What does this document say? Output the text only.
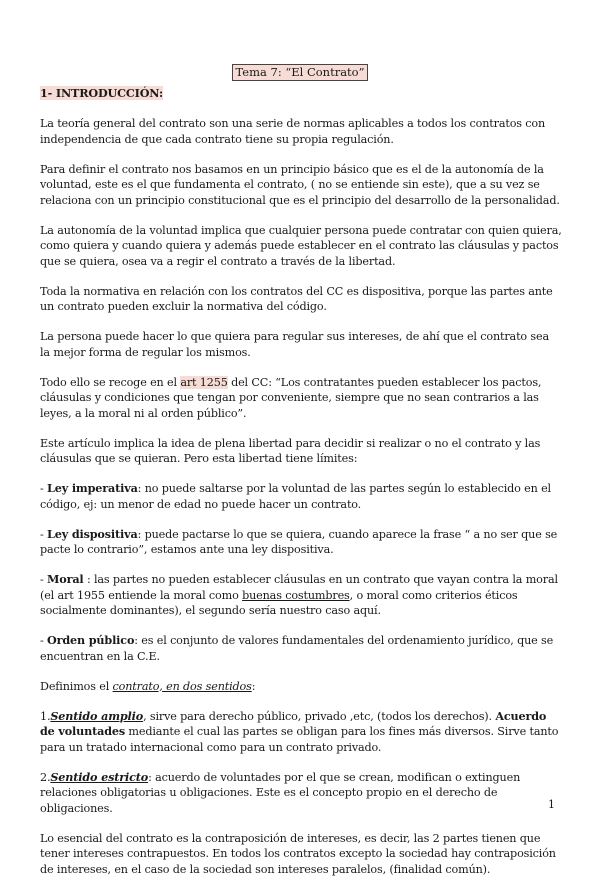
Tema 7: “El Contrato”

1- INTRODUCCIÓN:

La teoría general del contrato son una serie de normas aplicables a todos los contratos con independencia de que cada contrato tiene su propia regulación.

Para definir el contrato nos basamos en un principio básico que es el de la autonomía de la voluntad, este es el que fundamenta el contrato, ( no se entiende sin este), que a su vez se relaciona con un principio constitucional que es el principio del desarrollo de la personalidad.

La autonomía de la voluntad implica que cualquier persona puede contratar con quien quiera, como quiera y cuando quiera y además puede establecer en el contrato las cláusulas y pactos que se quiera, osea va a regir el contrato a través de la libertad.

Toda la normativa en relación con los contratos del CC es dispositiva, porque las partes ante un contrato pueden excluir la normativa del código.

La persona puede hacer lo que quiera para regular sus intereses, de ahí que el contrato sea la mejor forma de regular los mismos.

Todo ello se recoge en el art 1255 del CC: “Los contratantes pueden establecer los pactos, cláusulas y condiciones que tengan por conveniente, siempre que no sean contrarios a las leyes, a la moral ni al orden público”.

Este artículo implica la idea de plena libertad para decidir si realizar o no el contrato y las cláusulas que se quieran. Pero esta libertad tiene límites:

- Ley imperativa: no puede saltarse por la voluntad de las partes según lo establecido en el código, ej: un menor de edad no puede hacer un contrato.

- Ley dispositiva: puede pactarse lo que se quiera, cuando aparece la frase “ a no ser que se pacte lo contrario”, estamos ante una ley dispositiva.

- Moral : las partes no pueden establecer cláusulas en un contrato que vayan contra la moral (el art 1955 entiende la moral como buenas costumbres, o moral como criterios éticos socialmente dominantes), el segundo sería nuestro caso aquí.

- Orden público: es el conjunto de valores fundamentales del ordenamiento jurídico, que se encuentran en la C.E.

Definimos el contrato, en dos sentidos:

1.Sentido amplio, sirve para derecho público, privado ,etc, (todos los derechos). Acuerdo de voluntades mediante el cual las partes se obligan para los fines más diversos. Sirve tanto para un tratado internacional como para un contrato privado.

2.Sentido estricto: acuerdo de voluntades por el que se crean, modifican o extinguen relaciones obligatorias u obligaciones. Este es el concepto propio en el derecho de obligaciones.

Lo esencial del contrato es la contraposición de intereses, es decir, las 2 partes tienen que tener intereses contrapuestos. En todos los contratos excepto la sociedad hay contraposición de intereses, en el caso de la sociedad son intereses paralelos, (finalidad común).

1
